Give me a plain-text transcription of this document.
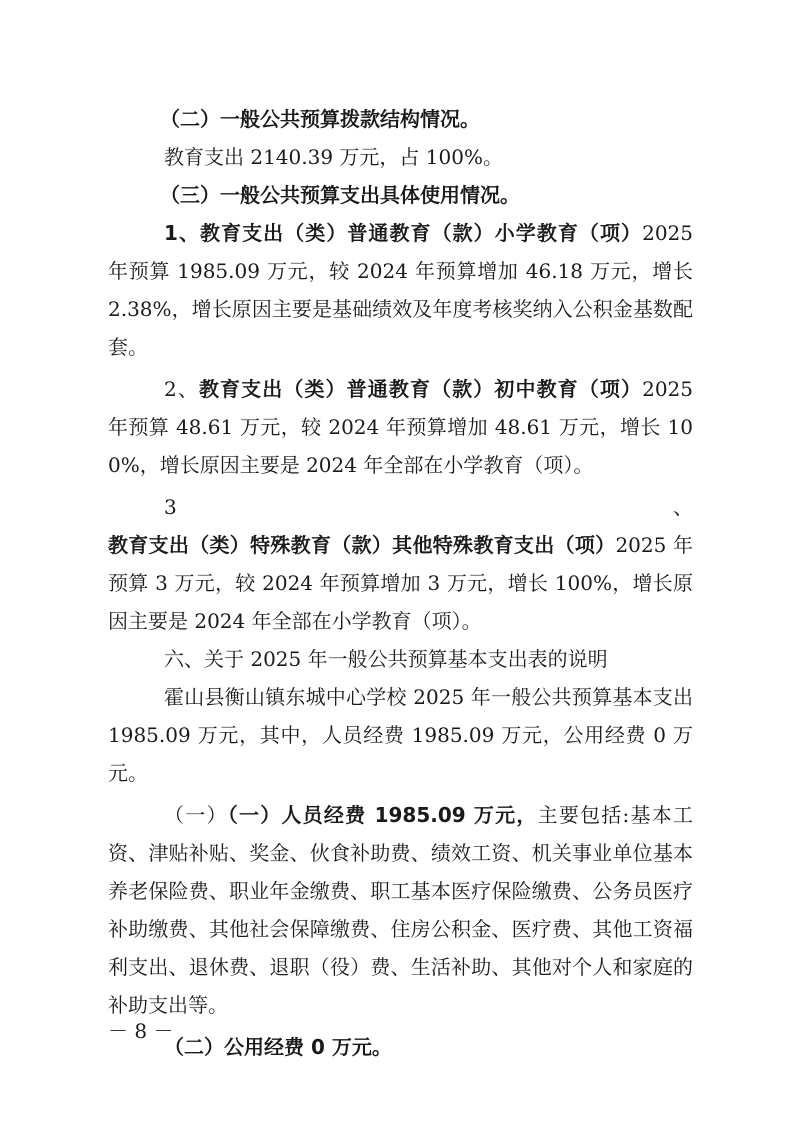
（二）一般公共预算拨款结构情况。

教育支出 2140.39 万元，占 100%。

（三）一般公共预算支出具体使用情况。

1、教育支出（类）普通教育（款）小学教育（项）2025 年预算 1985.09 万元，较 2024 年预算增加 46.18 万元，增长 2.38%，增长原因主要是基础绩效及年度考核奖纳入公积金基数配套。

2、教育支出（类）普通教育（款）初中教育（项）2025 年预算 48.61 万元，较 2024 年预算增加 48.61 万元，增长 100%，增长原因主要是 2024 年全部在小学教育（项）。

3、教育支出（类）特殊教育（款）其他特殊教育支出（项）2025 年预算 3 万元，较 2024 年预算增加 3 万元，增长 100%，增长原因主要是 2024 年全部在小学教育（项）。

六、关于 2025 年一般公共预算基本支出表的说明

霍山县衡山镇东城中心学校 2025 年一般公共预算基本支出 1985.09 万元，其中，人员经费 1985.09 万元，公用经费 0 万元。

（一）（一）人员经费 1985.09 万元，主要包括:基本工资、津贴补贴、奖金、伙食补助费、绩效工资、机关事业单位基本养老保险费、职业年金缴费、职工基本医疗保险缴费、公务员医疗补助缴费、其他社会保障缴费、住房公积金、医疗费、其他工资福利支出、退休费、退职（役）费、生活补助、其他对个人和家庭的补助支出等。

（二）公用经费 0 万元。

－ 8 －
